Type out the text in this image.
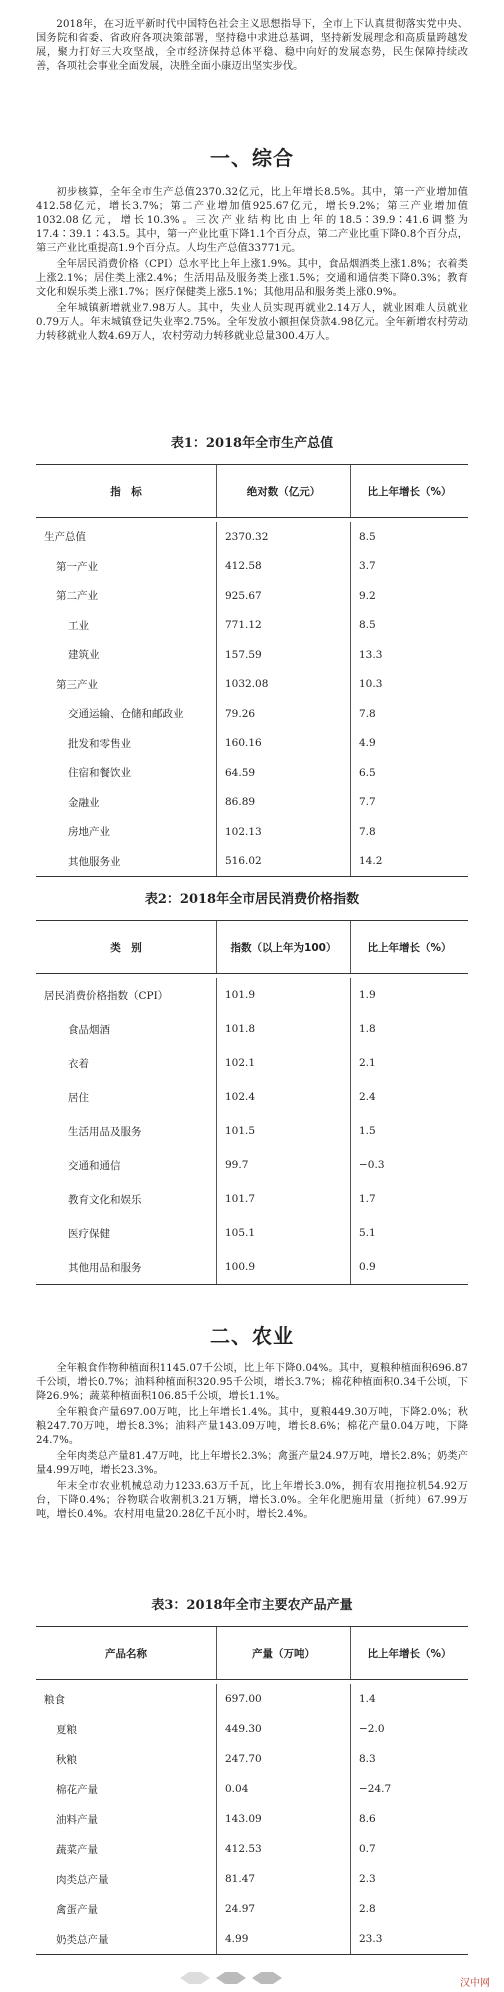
2018年，在习近平新时代中国特色社会主义思想指导下，全市上下认真贯彻落实党中央、国务院和省委、省政府各项决策部署，坚持稳中求进总基调，坚持新发展理念和高质量跨越发展，聚力打好三大攻坚战，全市经济保持总体平稳、稳中向好的发展态势，民生保障持续改善，各项社会事业全面发展，决胜全面小康迈出坚实步伐。

一、综合

初步核算，全年全市生产总值2370.32亿元，比上年增长8.5%。其中，第一产业增加值412.58亿元，增长3.7%；第二产业增加值925.67亿元，增长9.2%；第三产业增加值1032.08亿元，增长10.3%。三次产业结构比由上年的18.5∶39.9∶41.6调整为17.4∶39.1∶43.5。其中，第一产业比重下降1.1个百分点，第二产业比重下降0.8个百分点，第三产业比重提高1.9个百分点。人均生产总值33771元。

全年居民消费价格（CPI）总水平比上年上涨1.9%。其中，食品烟酒类上涨1.8%；衣着类上涨2.1%；居住类上涨2.4%；生活用品及服务类上涨1.5%；交通和通信类下降0.3%；教育文化和娱乐类上涨1.7%；医疗保健类上涨5.1%；其他用品和服务类上涨0.9%。

全年城镇新增就业7.98万人。其中，失业人员实现再就业2.14万人，就业困难人员就业0.79万人。年末城镇登记失业率2.75%。全年发放小额担保贷款4.98亿元。全年新增农村劳动力转移就业人数4.69万人，农村劳动力转移就业总量300.4万人。

表1：2018年全市生产总值
指　标	绝对数（亿元）	比上年增长（%）
生产总值	2370.32	8.5
第一产业	412.58	3.7
第二产业	925.67	9.2
工业	771.12	8.5
建筑业	157.59	13.3
第三产业	1032.08	10.3
交通运输、仓储和邮政业	79.26	7.8
批发和零售业	160.16	4.9
住宿和餐饮业	64.59	6.5
金融业	86.89	7.7
房地产业	102.13	7.8
其他服务业	516.02	14.2
表2：2018年全市居民消费价格指数
类　别	指数（以上年为100）	比上年增长（%）
居民消费价格指数（CPI）	101.9	1.9
食品烟酒	101.8	1.8
衣着	102.1	2.1
居住	102.4	2.4
生活用品及服务	101.5	1.5
交通和通信	99.7	−0.3
教育文化和娱乐	101.7	1.7
医疗保健	105.1	5.1
其他用品和服务	100.9	0.9
二、农业

全年粮食作物种植面积1145.07千公顷，比上年下降0.04%。其中，夏粮种植面积696.87千公顷，增长0.7%；油料种植面积320.95千公顷，增长3.7%；棉花种植面积0.34千公顷，下降26.9%；蔬菜种植面积106.85千公顷，增长1.1%。

全年粮食产量697.00万吨，比上年增长1.4%。其中，夏粮449.30万吨，下降2.0%；秋粮247.70万吨，增长8.3%；油料产量143.09万吨，增长8.6%；棉花产量0.04万吨，下降24.7%。

全年肉类总产量81.47万吨，比上年增长2.3%；禽蛋产量24.97万吨，增长2.8%；奶类产量4.99万吨，增长23.3%。

年末全市农业机械总动力1233.63万千瓦，比上年增长3.0%，拥有农用拖拉机54.92万台，下降0.4%；谷物联合收割机3.21万辆，增长3.0%。全年化肥施用量（折纯）67.99万吨，增长0.4%。农村用电量20.28亿千瓦小时，增长2.4%。

表3：2018年全市主要农产品产量
产品名称	产量（万吨）	比上年增长（%）
粮食	697.00	1.4
夏粮	449.30	−2.0
秋粮	247.70	8.3
棉花产量	0.04	−24.7
油料产量	143.09	8.6
蔬菜产量	412.53	0.7
肉类总产量	81.47	2.3
禽蛋产量	24.97	2.8
奶类总产量	4.99	23.3
汉中网
